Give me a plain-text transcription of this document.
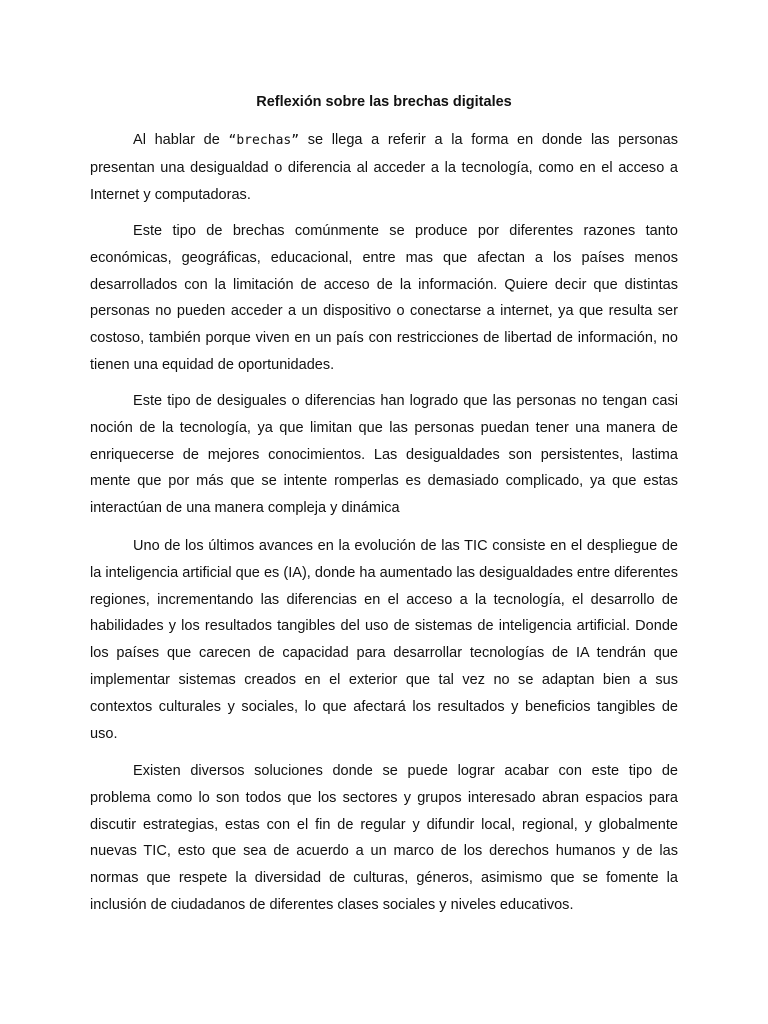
Reflexión sobre las brechas digitales

Al hablar de “brechas” se llega a referir a la forma en donde las personas presentan una desigualdad o diferencia al acceder a la tecnología, como en el acceso a Internet y computadoras.

Este tipo de brechas comúnmente se produce por diferentes razones tanto económicas, geográficas, educacional, entre mas que afectan a los países menos desarrollados con la limitación de acceso de la información. Quiere decir que distintas personas no pueden acceder a un dispositivo o conectarse a internet, ya que resulta ser costoso, también porque viven en un país con restricciones de libertad de información, no tienen una equidad de oportunidades.

Este tipo de desiguales o diferencias han logrado que las personas no tengan casi noción de la tecnología, ya que limitan que las personas puedan tener una manera de enriquecerse de mejores conocimientos. Las desigualdades son persistentes, lastima mente que por más que se intente romperlas es demasiado complicado, ya que estas interactúan de una manera compleja y dinámica

Uno de los últimos avances en la evolución de las TIC consiste en el despliegue de la inteligencia artificial que es (IA), donde ha aumentado las desigualdades entre diferentes regiones, incrementando las diferencias en el acceso a la tecnología, el desarrollo de habilidades y los resultados tangibles del uso de sistemas de inteligencia artificial. Donde los países que carecen de capacidad para desarrollar tecnologías de IA tendrán que implementar sistemas creados en el exterior que tal vez no se adaptan bien a sus contextos culturales y sociales, lo que afectará los resultados y beneficios tangibles de uso.

Existen diversos soluciones donde se puede lograr acabar con este tipo de problema como lo son todos que los sectores y grupos interesado abran espacios para discutir estrategias, estas con el fin de regular y difundir local, regional, y globalmente nuevas TIC, esto que sea de acuerdo a un marco de los derechos humanos y de las normas que respete la diversidad de culturas, géneros, asimismo que se fomente la inclusión de ciudadanos de diferentes clases sociales y niveles educativos.
